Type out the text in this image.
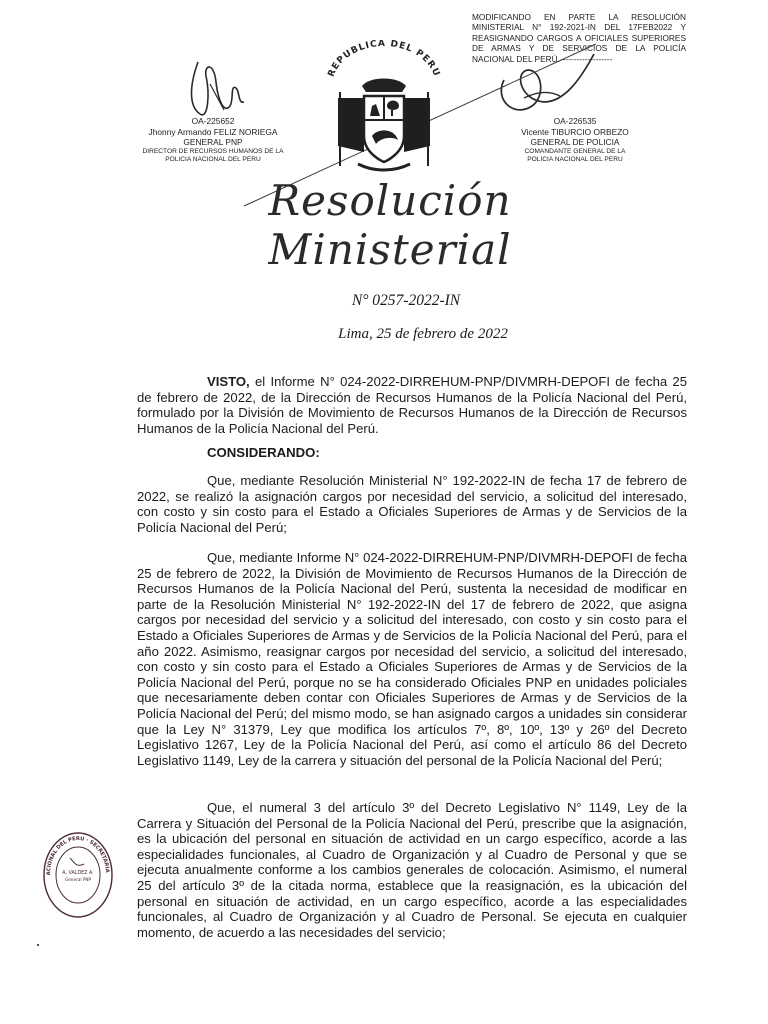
MODIFICANDO EN PARTE LA RESOLUCIÓN MINISTERIAL N° 192-2021-IN DEL 17FEB2022 Y REASIGNANDO CARGOS A OFICIALES SUPERIORES DE ARMAS Y DE SERVICIOS DE LA POLICÍA NACIONAL DEL PERÚ.-------------------
OA-225652
Jhonny Armando FELIZ NORIEGA
GENERAL PNP
DIRECTOR DE RECURSOS HUMANOS DE LA
POLICIA NACIONAL DEL PERU
OA-226535
Vicente TIBURCIO ORBEZO
GENERAL DE POLICIA
COMANDANTE GENERAL DE LA
POLICIA NACIONAL DEL PERU
REPUBLICA DEL PERU
Resolución Ministerial
N° 0257-2022-IN
Lima, 25 de febrero de 2022
VISTO, el Informe N° 024-2022-DIRREHUM-PNP/DIVMRH-DEPOFI de fecha 25 de febrero de 2022, de la Dirección de Recursos Humanos de la Policía Nacional del Perú, formulado por la División de Movimiento de Recursos Humanos de la Dirección de Recursos Humanos de la Policía Nacional del Perú.
CONSIDERANDO:
Que, mediante Resolución Ministerial N° 192-2022-IN de fecha 17 de febrero de 2022, se realizó la asignación cargos por necesidad del servicio, a solicitud del interesado, con costo y sin costo para el Estado a Oficiales Superiores de Armas y de Servicios de la Policía Nacional del Perú;
Que, mediante Informe N° 024-2022-DIRREHUM-PNP/DIVMRH-DEPOFI de fecha 25 de febrero de 2022, la División de Movimiento de Recursos Humanos de la Dirección de Recursos Humanos de la Policía Nacional del Perú, sustenta la necesidad de modificar en parte de la Resolución Ministerial N° 192-2022-IN del 17 de febrero de 2022, que asigna cargos por necesidad del servicio y a solicitud del interesado, con costo y sin costo para el Estado a Oficiales Superiores de Armas y de Servicios de la Policía Nacional del Perú, para el año 2022. Asimismo, reasignar cargos por necesidad del servicio, a solicitud del interesado, con costo y sin costo para el Estado a Oficiales Superiores de Armas y de Servicios de la Policía Nacional del Perú, porque no se ha considerado Oficiales PNP en unidades policiales que necesariamente deben contar con Oficiales Superiores de Armas y de Servicios de la Policía Nacional del Perú; del mismo modo, se han asignado cargos a unidades sin considerar que la Ley N° 31379, Ley que modifica los artículos 7º, 8º, 10º, 13º y 26º del Decreto Legislativo 1267, Ley de la Policía Nacional del Perú, así como el artículo 86 del Decreto Legislativo 1149, Ley de la carrera y situación del personal de la Policía Nacional del Perú;
Que, el numeral 3 del artículo 3º del Decreto Legislativo N° 1149, Ley de la Carrera y Situación del Personal de la Policía Nacional del Perú, prescribe que la asignación, es la ubicación del personal en situación de actividad en un cargo específico, acorde a las especialidades funcionales, al Cuadro de Organización y al Cuadro de Personal y que se ejecuta anualmente conforme a los cambios generales de colocación. Asimismo, el numeral 25 del artículo 3º de la citada norma, establece que la reasignación, es la ubicación del personal en situación de actividad, en un cargo específico, acorde a las especialidades funcionales, al Cuadro de Organización y al Cuadro de Personal. Se ejecuta en cualquier momento, de acuerdo a las necesidades del servicio;
ACIONAL DEL PERU · SECRETARIA
A. VALDEZ A.
General PNP
